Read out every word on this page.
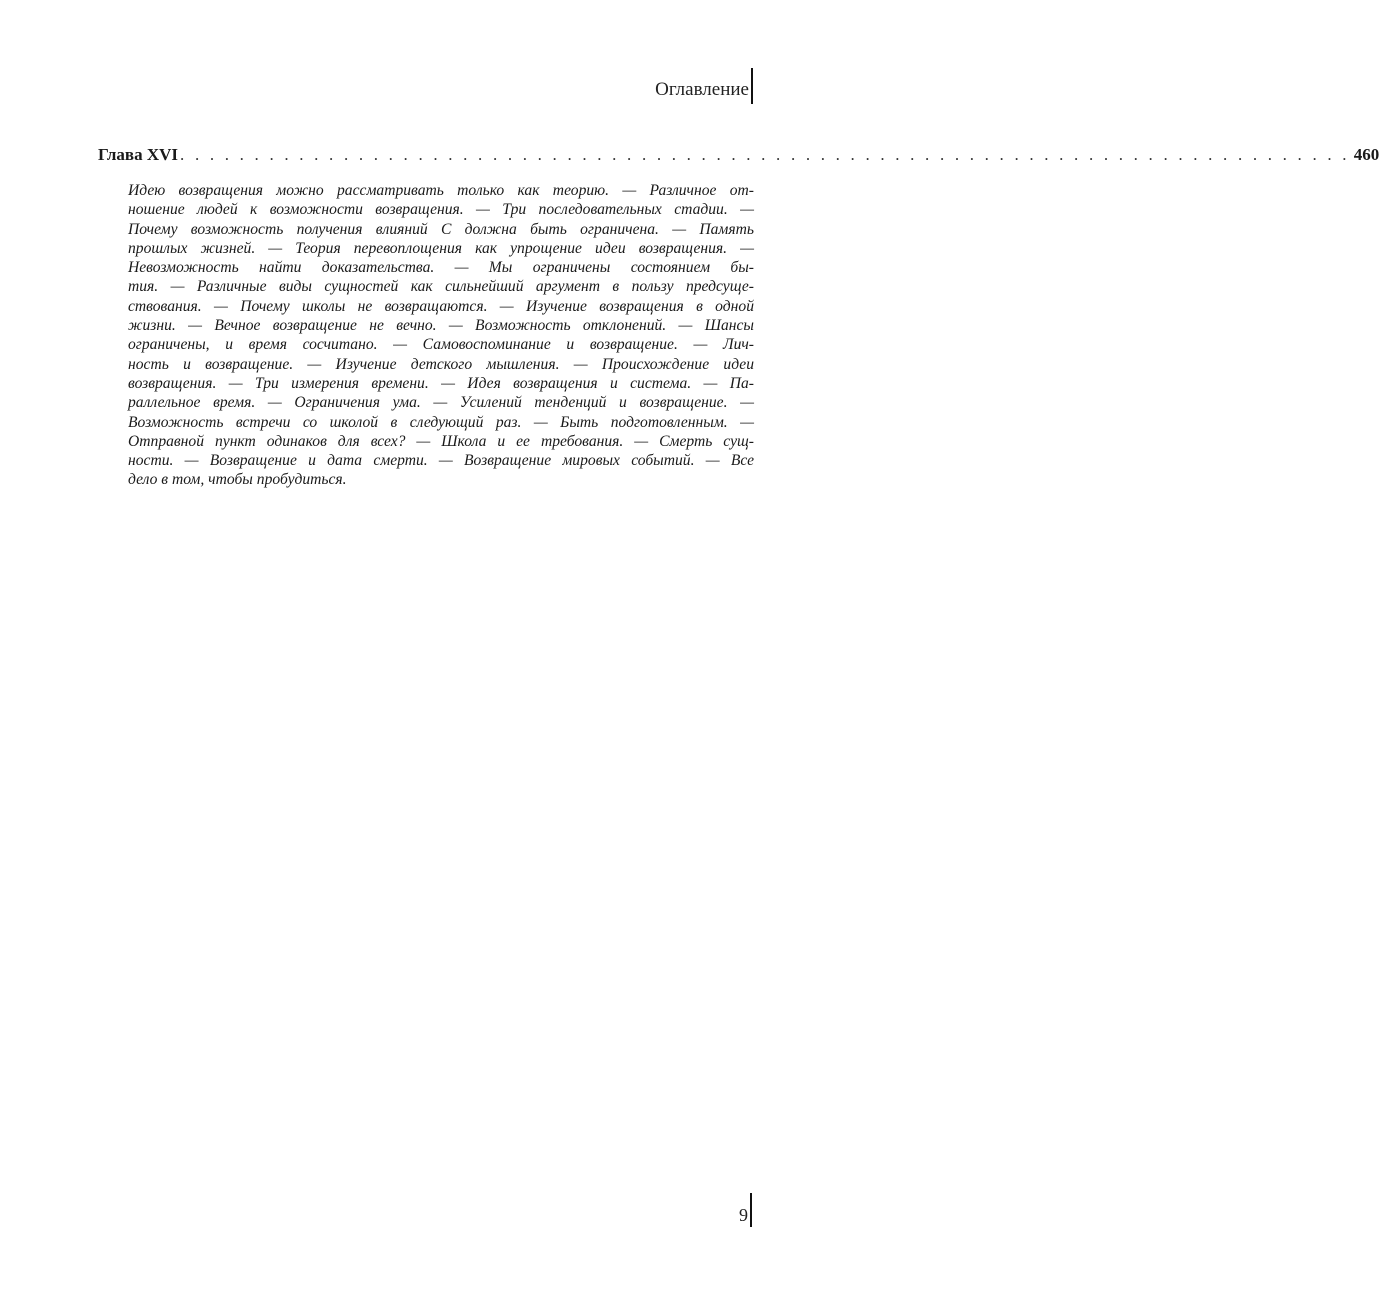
Оглавление
Глава XVI . . . . . . . . . . . . . . . . . . . . . . . . . . . . . . . . . . . . . . . . . . . . . . . . . . . . . . . . . . . . . . . . . . . . . . . . . . . . . . . 460

Идею возвращения можно рассматривать только как теорию. — Различное от-
ношение людей к возможности возвращения. — Три последовательных стадии. —
Почему возможность получения влияний С должна быть ограничена. — Память
прошлых жизней. — Теория перевоплощения как упрощение идеи возвращения. —
Невозможность найти доказательства. — Мы ограничены состоянием бы-
тия. — Различные виды сущностей как сильнейший аргумент в пользу предсуще-
ствования. — Почему школы не возвращаются. — Изучение возвращения в одной
жизни. — Вечное возвращение не вечно. — Возможность отклонений. — Шансы
ограничены, и время сосчитано. — Самовоспоминание и возвращение. — Лич-
ность и возвращение. — Изучение детского мышления. — Происхождение идеи
возвращения. — Три измерения времени. — Идея возвращения и система. — Па-
раллельное время. — Ограничения ума. — Усилений тенденций и возвращение. —
Возможность встречи со школой в следующий раз. — Быть подготовленным. —
Отправной пункт одинаков для всех? — Школа и ее требования. — Смерть сущ-
ности. — Возвращение и дата смерти. — Возвращение мировых событий. — Все
дело в том, чтобы пробудиться.

9
